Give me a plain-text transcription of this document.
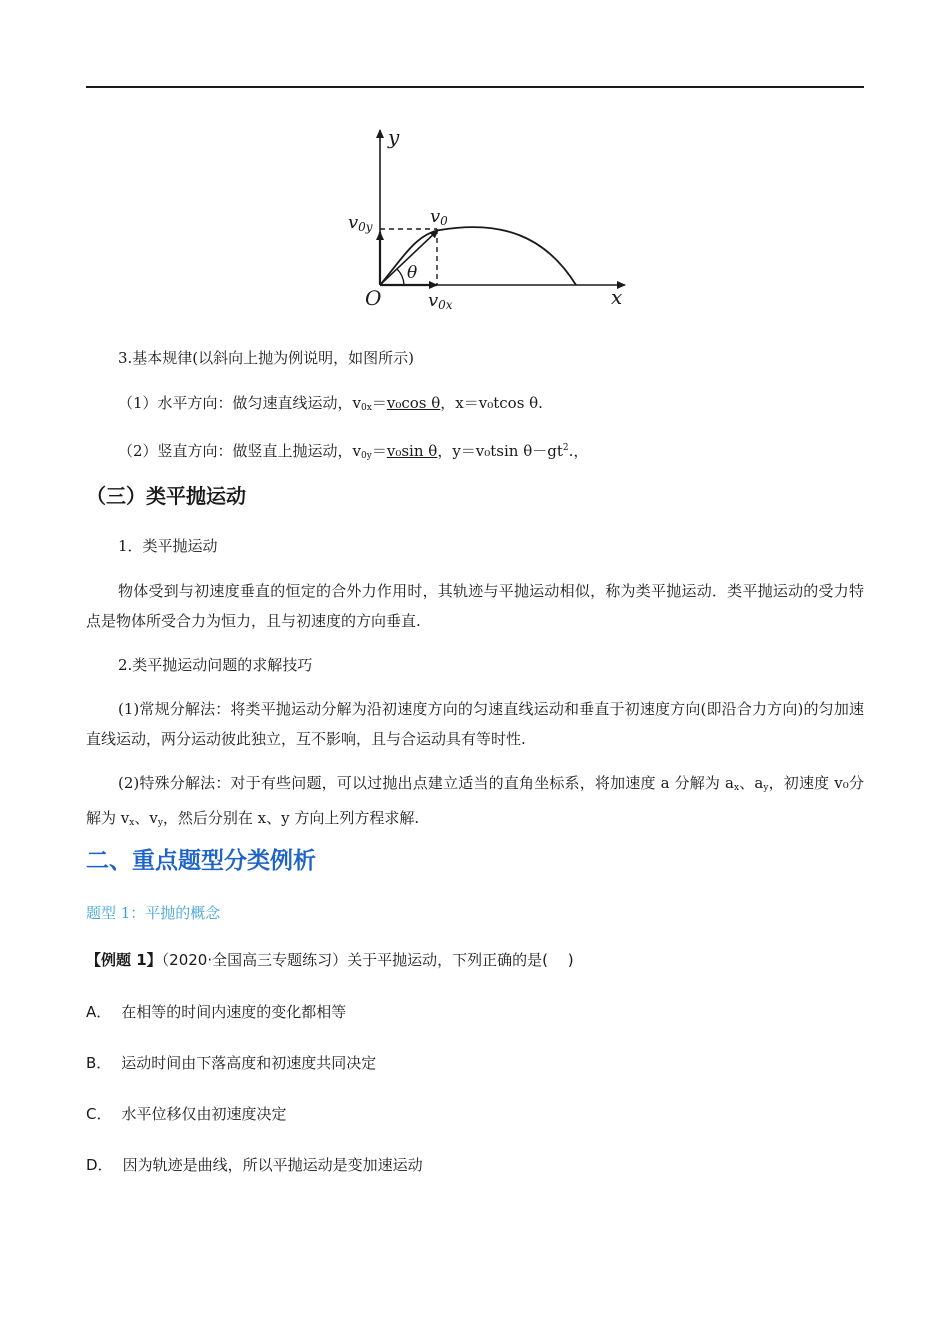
y
x
O
θ
v0
v0y
v0x
3.基本规律(以斜向上抛为例说明，如图所示)
（1）水平方向：做匀速直线运动，$v_{0x}=v_0\cos$ θ，x＝v₀tcos θ.
（2）竖直方向：做竖直上抛运动，$v_{0y}=v_0\sin$ θ，y＝v₀tsin $\theta-gt^2$.，
（三）类平抛运动
1．类平抛运动
物体受到与初速度垂直的恒定的合外力作用时，其轨迹与平抛运动相似，称为类平抛运动．类平抛运动的受力特点是物体所受合力为恒力，且与初速度的方向垂直.
2.类平抛运动问题的求解技巧
(1)常规分解法：将类平抛运动分解为沿初速度方向的匀速直线运动和垂直于初速度方向(即沿合力方向)的匀加速直线运动，两分运动彼此独立，互不影响，且与合运动具有等时性.
(2)特殊分解法：对于有些问题，可以过抛出点建立适当的直角坐标系，将加速度 a 分解为 $a_x$、$a_y$，初速度 v₀分解为 $v_x$、$v_y$，然后分别在 x、y 方向上列方程求解.
二、重点题型分类例析
题型 1：平抛的概念
【例题 1】（2020·全国高三专题练习）关于平抛运动，下列正确的是(　 )
A． 在相等的时间内速度的变化都相等
B． 运动时间由下落高度和初速度共同决定
C． 水平位移仅由初速度决定
D． 因为轨迹是曲线，所以平抛运动是变加速运动
